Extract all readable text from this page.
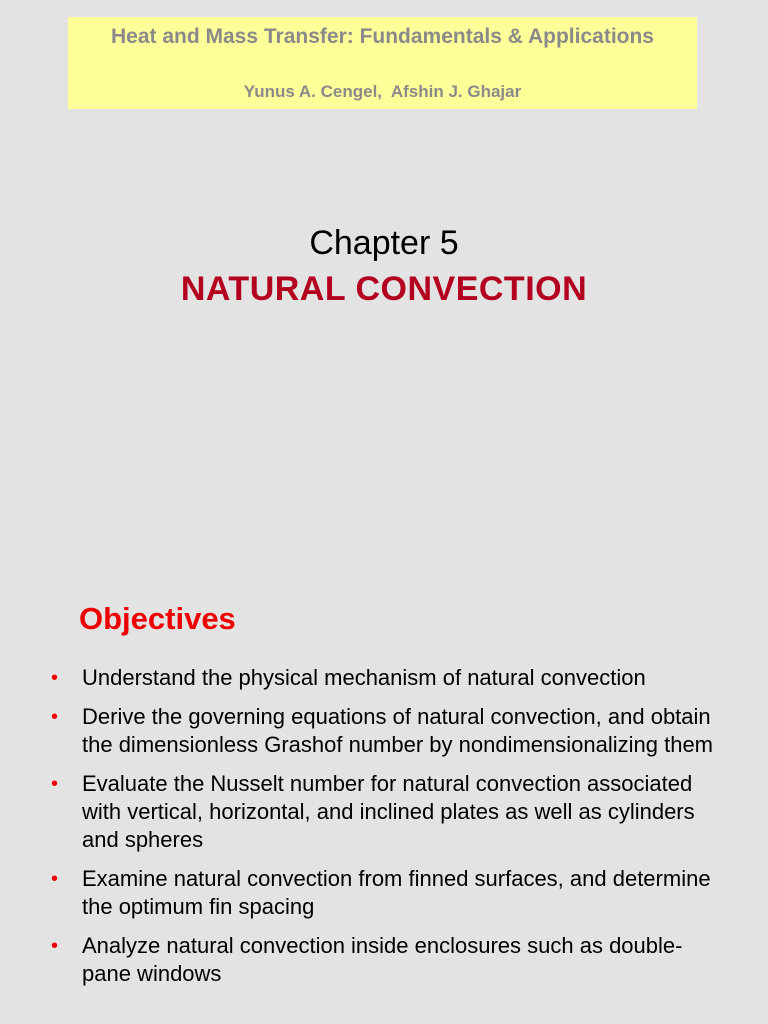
Heat and Mass Transfer: Fundamentals & Applications
Yunus A. Cengel,  Afshin J. Ghajar
Chapter 5
NATURAL CONVECTION
Objectives
• Understand the physical mechanism of natural convection
• Derive the governing equations of natural convection, and obtain the dimensionless Grashof number by nondimensionalizing them
• Evaluate the Nusselt number for natural convection associated with vertical, horizontal, and inclined plates as well as cylinders and spheres
• Examine natural convection from finned surfaces, and determine the optimum fin spacing
• Analyze natural convection inside enclosures such as double-pane windows
